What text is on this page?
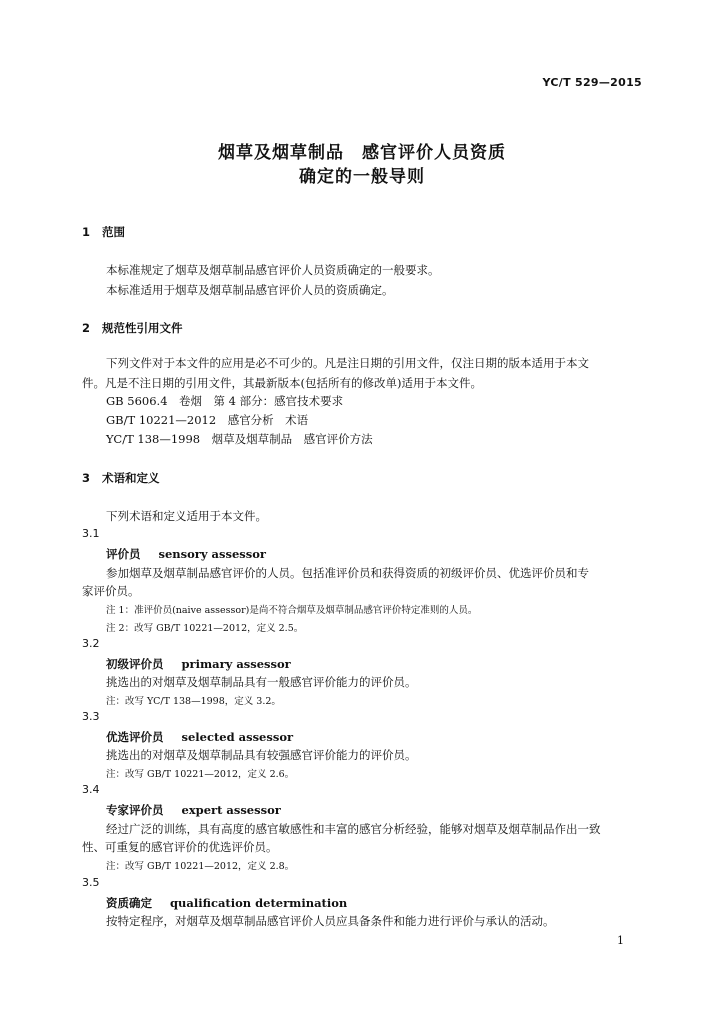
YC/T 529—2015
烟草及烟草制品　感官评价人员资质
确定的一般导则
1 范围
本标准规定了烟草及烟草制品感官评价人员资质确定的一般要求。
本标准适用于烟草及烟草制品感官评价人员的资质确定。
2 规范性引用文件
下列文件对于本文件的应用是必不可少的。凡是注日期的引用文件，仅注日期的版本适用于本文
件。凡是不注日期的引用文件，其最新版本(包括所有的修改单)适用于本文件。
GB 5606.4　卷烟　第 4 部分：感官技术要求
GB/T 10221—2012　感官分析　术语
YC/T 138—1998　烟草及烟草制品　感官评价方法
3 术语和定义
下列术语和定义适用于本文件。
3.1
评价员 sensory assessor
参加烟草及烟草制品感官评价的人员。包括准评价员和获得资质的初级评价员、优选评价员和专
家评价员。
注 1：准评价员(naive assessor)是尚不符合烟草及烟草制品感官评价特定准则的人员。
注 2：改写 GB/T 10221—2012，定义 2.5。
3.2
初级评价员 primary assessor
挑选出的对烟草及烟草制品具有一般感官评价能力的评价员。
注：改写 YC/T 138—1998，定义 3.2。
3.3
优选评价员 selected assessor
挑选出的对烟草及烟草制品具有较强感官评价能力的评价员。
注：改写 GB/T 10221—2012，定义 2.6。
3.4
专家评价员 expert assessor
经过广泛的训练，具有高度的感官敏感性和丰富的感官分析经验，能够对烟草及烟草制品作出一致
性、可重复的感官评价的优选评价员。
注：改写 GB/T 10221—2012，定义 2.8。
3.5
资质确定 qualification determination
按特定程序，对烟草及烟草制品感官评价人员应具备条件和能力进行评价与承认的活动。
1
